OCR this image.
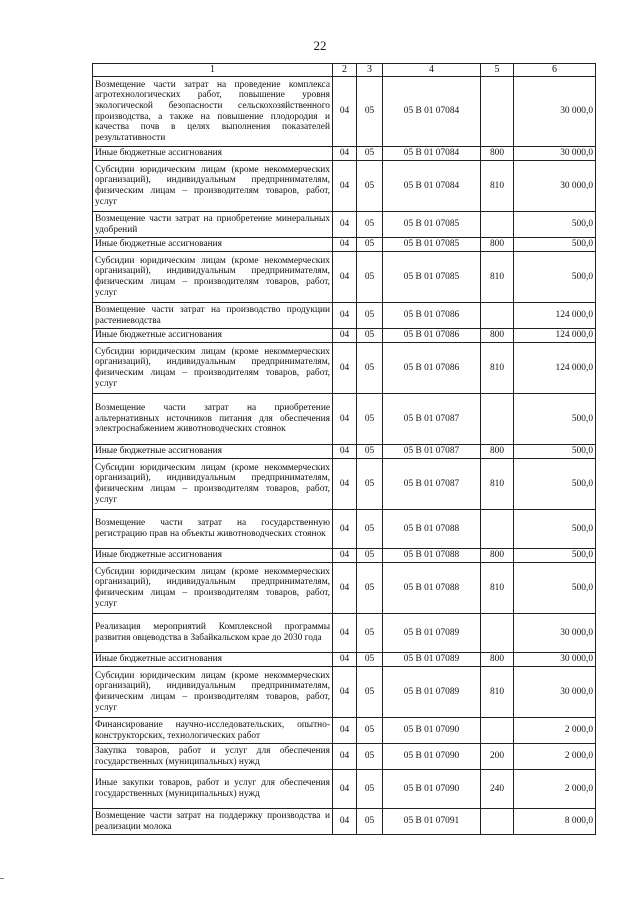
22
1	2	3	4	5	6
Возмещение части затрат на проведение комплекса агротехнологических работ, повышение уровня экологической безопасности сельскохозяйственного производства, а также на повышение плодородия и качества почв в целях выполнения показателей результативности	04	05	05 В 01 07084		30 000,0
Иные бюджетные ассигнования	04	05	05 В 01 07084	800	30 000,0
Субсидии юридическим лицам (кроме некоммерческих организаций), индивидуальным предпринимателям, физическим лицам – производителям товаров, работ, услуг	04	05	05 В 01 07084	810	30 000,0
Возмещение части затрат на приобретение минеральных удобрений	04	05	05 В 01 07085		500,0
Иные бюджетные ассигнования	04	05	05 В 01 07085	800	500,0
Субсидии юридическим лицам (кроме некоммерческих организаций), индивидуальным предпринимателям, физическим лицам – производителям товаров, работ, услуг	04	05	05 В 01 07085	810	500,0
Возмещение части затрат на производство продукции растениеводства	04	05	05 В 01 07086		124 000,0
Иные бюджетные ассигнования	04	05	05 В 01 07086	800	124 000,0
Субсидии юридическим лицам (кроме некоммерческих организаций), индивидуальным предпринимателям, физическим лицам – производителям товаров, работ, услуг	04	05	05 В 01 07086	810	124 000,0
Возмещение части затрат на приобретение альтернативных источников питания для обеспечения электроснабжением животноводческих стоянок	04	05	05 В 01 07087		500,0
Иные бюджетные ассигнования	04	05	05 В 01 07087	800	500,0
Субсидии юридическим лицам (кроме некоммерческих организаций), индивидуальным предпринимателям, физическим лицам – производителям товаров, работ, услуг	04	05	05 В 01 07087	810	500,0
Возмещение части затрат на государственную регистрацию прав на объекты животноводческих стоянок	04	05	05 В 01 07088		500,0
Иные бюджетные ассигнования	04	05	05 В 01 07088	800	500,0
Субсидии юридическим лицам (кроме некоммерческих организаций), индивидуальным предпринимателям, физическим лицам – производителям товаров, работ, услуг	04	05	05 В 01 07088	810	500,0
Реализация мероприятий Комплексной программы развития овцеводства в Забайкальском крае до 2030 года	04	05	05 В 01 07089		30 000,0
Иные бюджетные ассигнования	04	05	05 В 01 07089	800	30 000,0
Субсидии юридическим лицам (кроме некоммерческих организаций), индивидуальным предпринимателям, физическим лицам – производителям товаров, работ, услуг	04	05	05 В 01 07089	810	30 000,0
Финансирование научно-исследовательских, опытно-конструкторских, технологических работ	04	05	05 В 01 07090		2 000,0
Закупка товаров, работ и услуг для обеспечения государственных (муниципальных) нужд	04	05	05 В 01 07090	200	2 000,0
Иные закупки товаров, работ и услуг для обеспечения государственных (муниципальных) нужд	04	05	05 В 01 07090	240	2 000,0
Возмещение части затрат на поддержку производства и реализации молока	04	05	05 В 01 07091		8 000,0
